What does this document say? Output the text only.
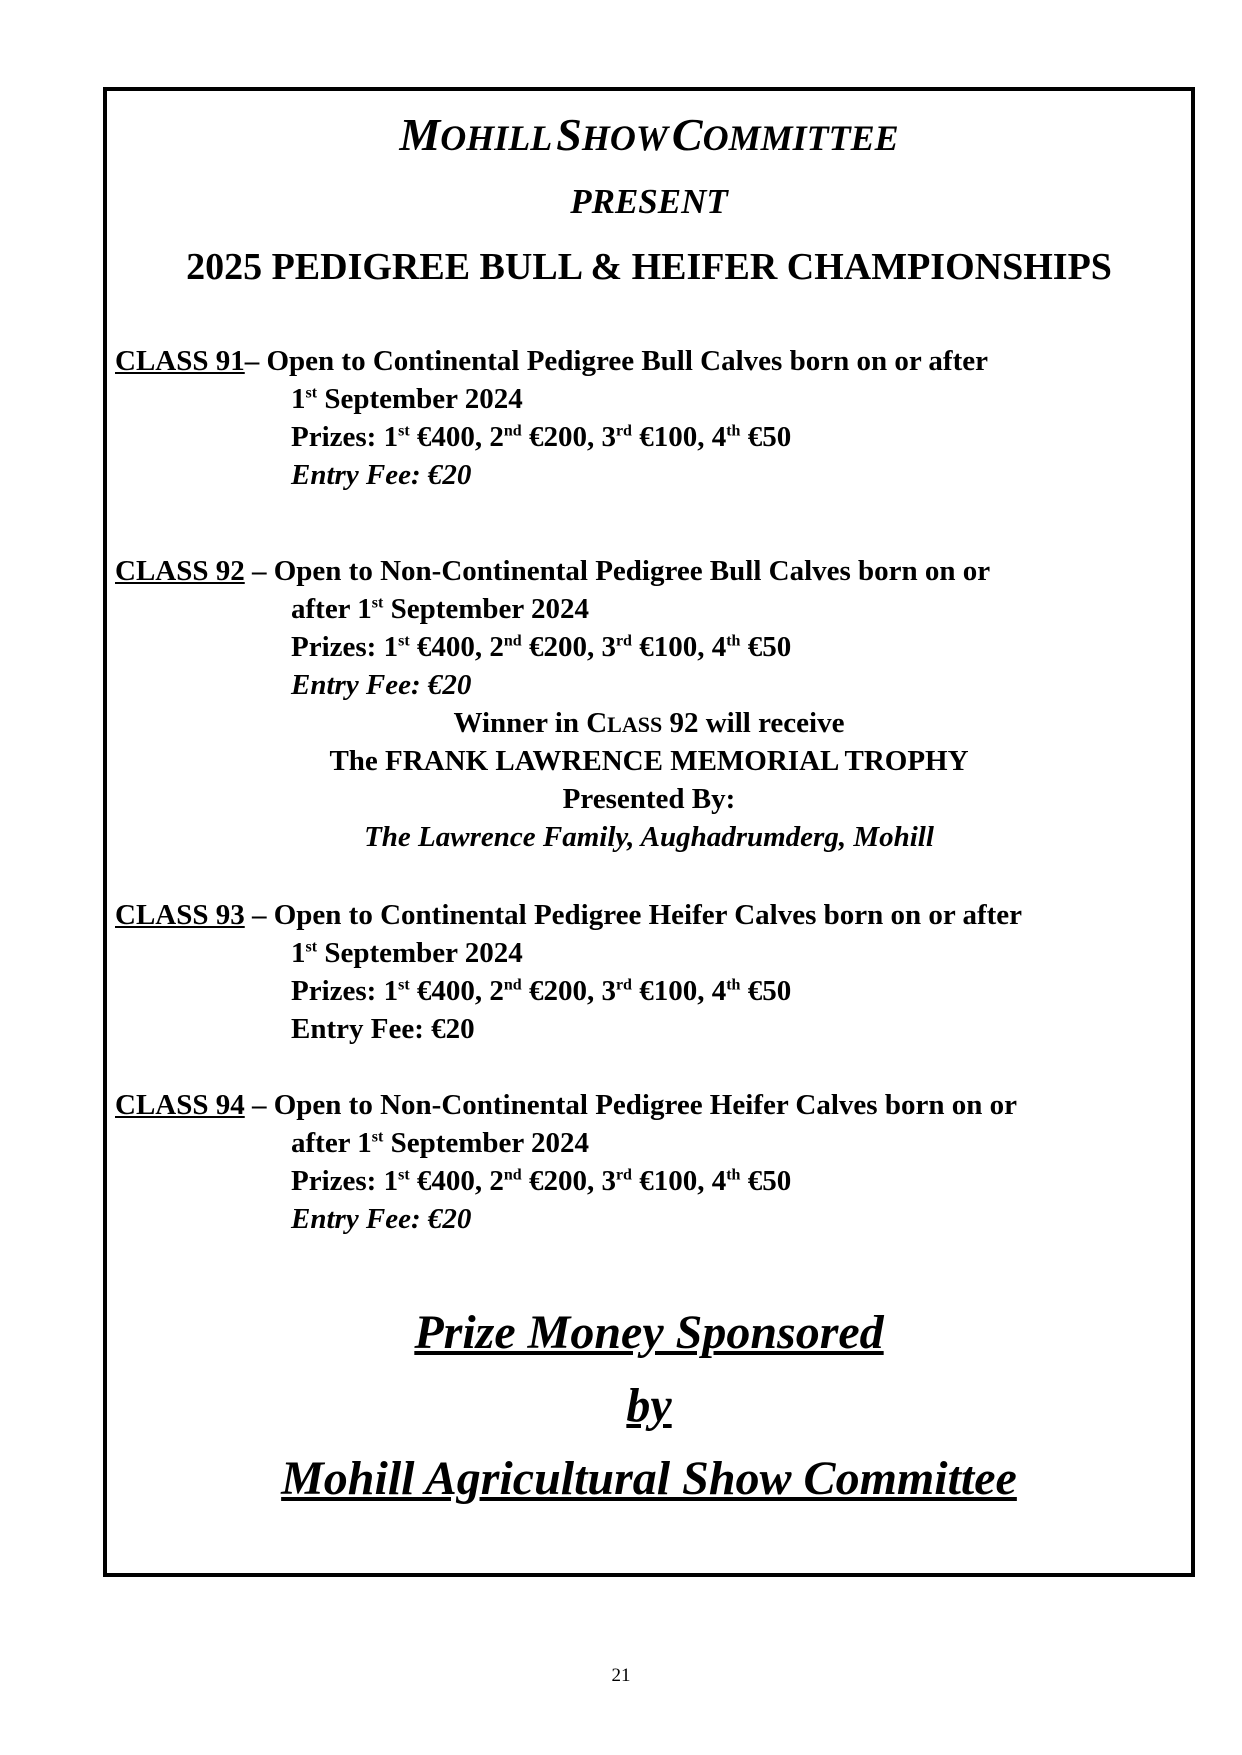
MOHILL SHOW COMMITTEE
PRESENT
2025 PEDIGREE BULL & HEIFER CHAMPIONSHIPS
CLASS 91– Open to Continental Pedigree Bull Calves born on or after
1st September 2024
Prizes: 1st €400, 2nd €200, 3rd €100, 4th €50
Entry Fee: €20
CLASS 92 – Open to Non-Continental Pedigree Bull Calves born on or
after 1st September 2024
Prizes: 1st €400, 2nd €200, 3rd €100, 4th €50
Entry Fee: €20
Winner in CLASS 92 will receive
The FRANK LAWRENCE MEMORIAL TROPHY
Presented By:
The Lawrence Family, Aughadrumderg, Mohill
CLASS 93 – Open to Continental Pedigree Heifer Calves born on or after
1st September 2024
Prizes: 1st €400, 2nd €200, 3rd €100, 4th €50
Entry Fee: €20
CLASS 94 – Open to Non-Continental Pedigree Heifer Calves born on or
after 1st September 2024
Prizes: 1st €400, 2nd €200, 3rd €100, 4th €50
Entry Fee: €20
Prize Money Sponsored
by
Mohill Agricultural Show Committee
21
